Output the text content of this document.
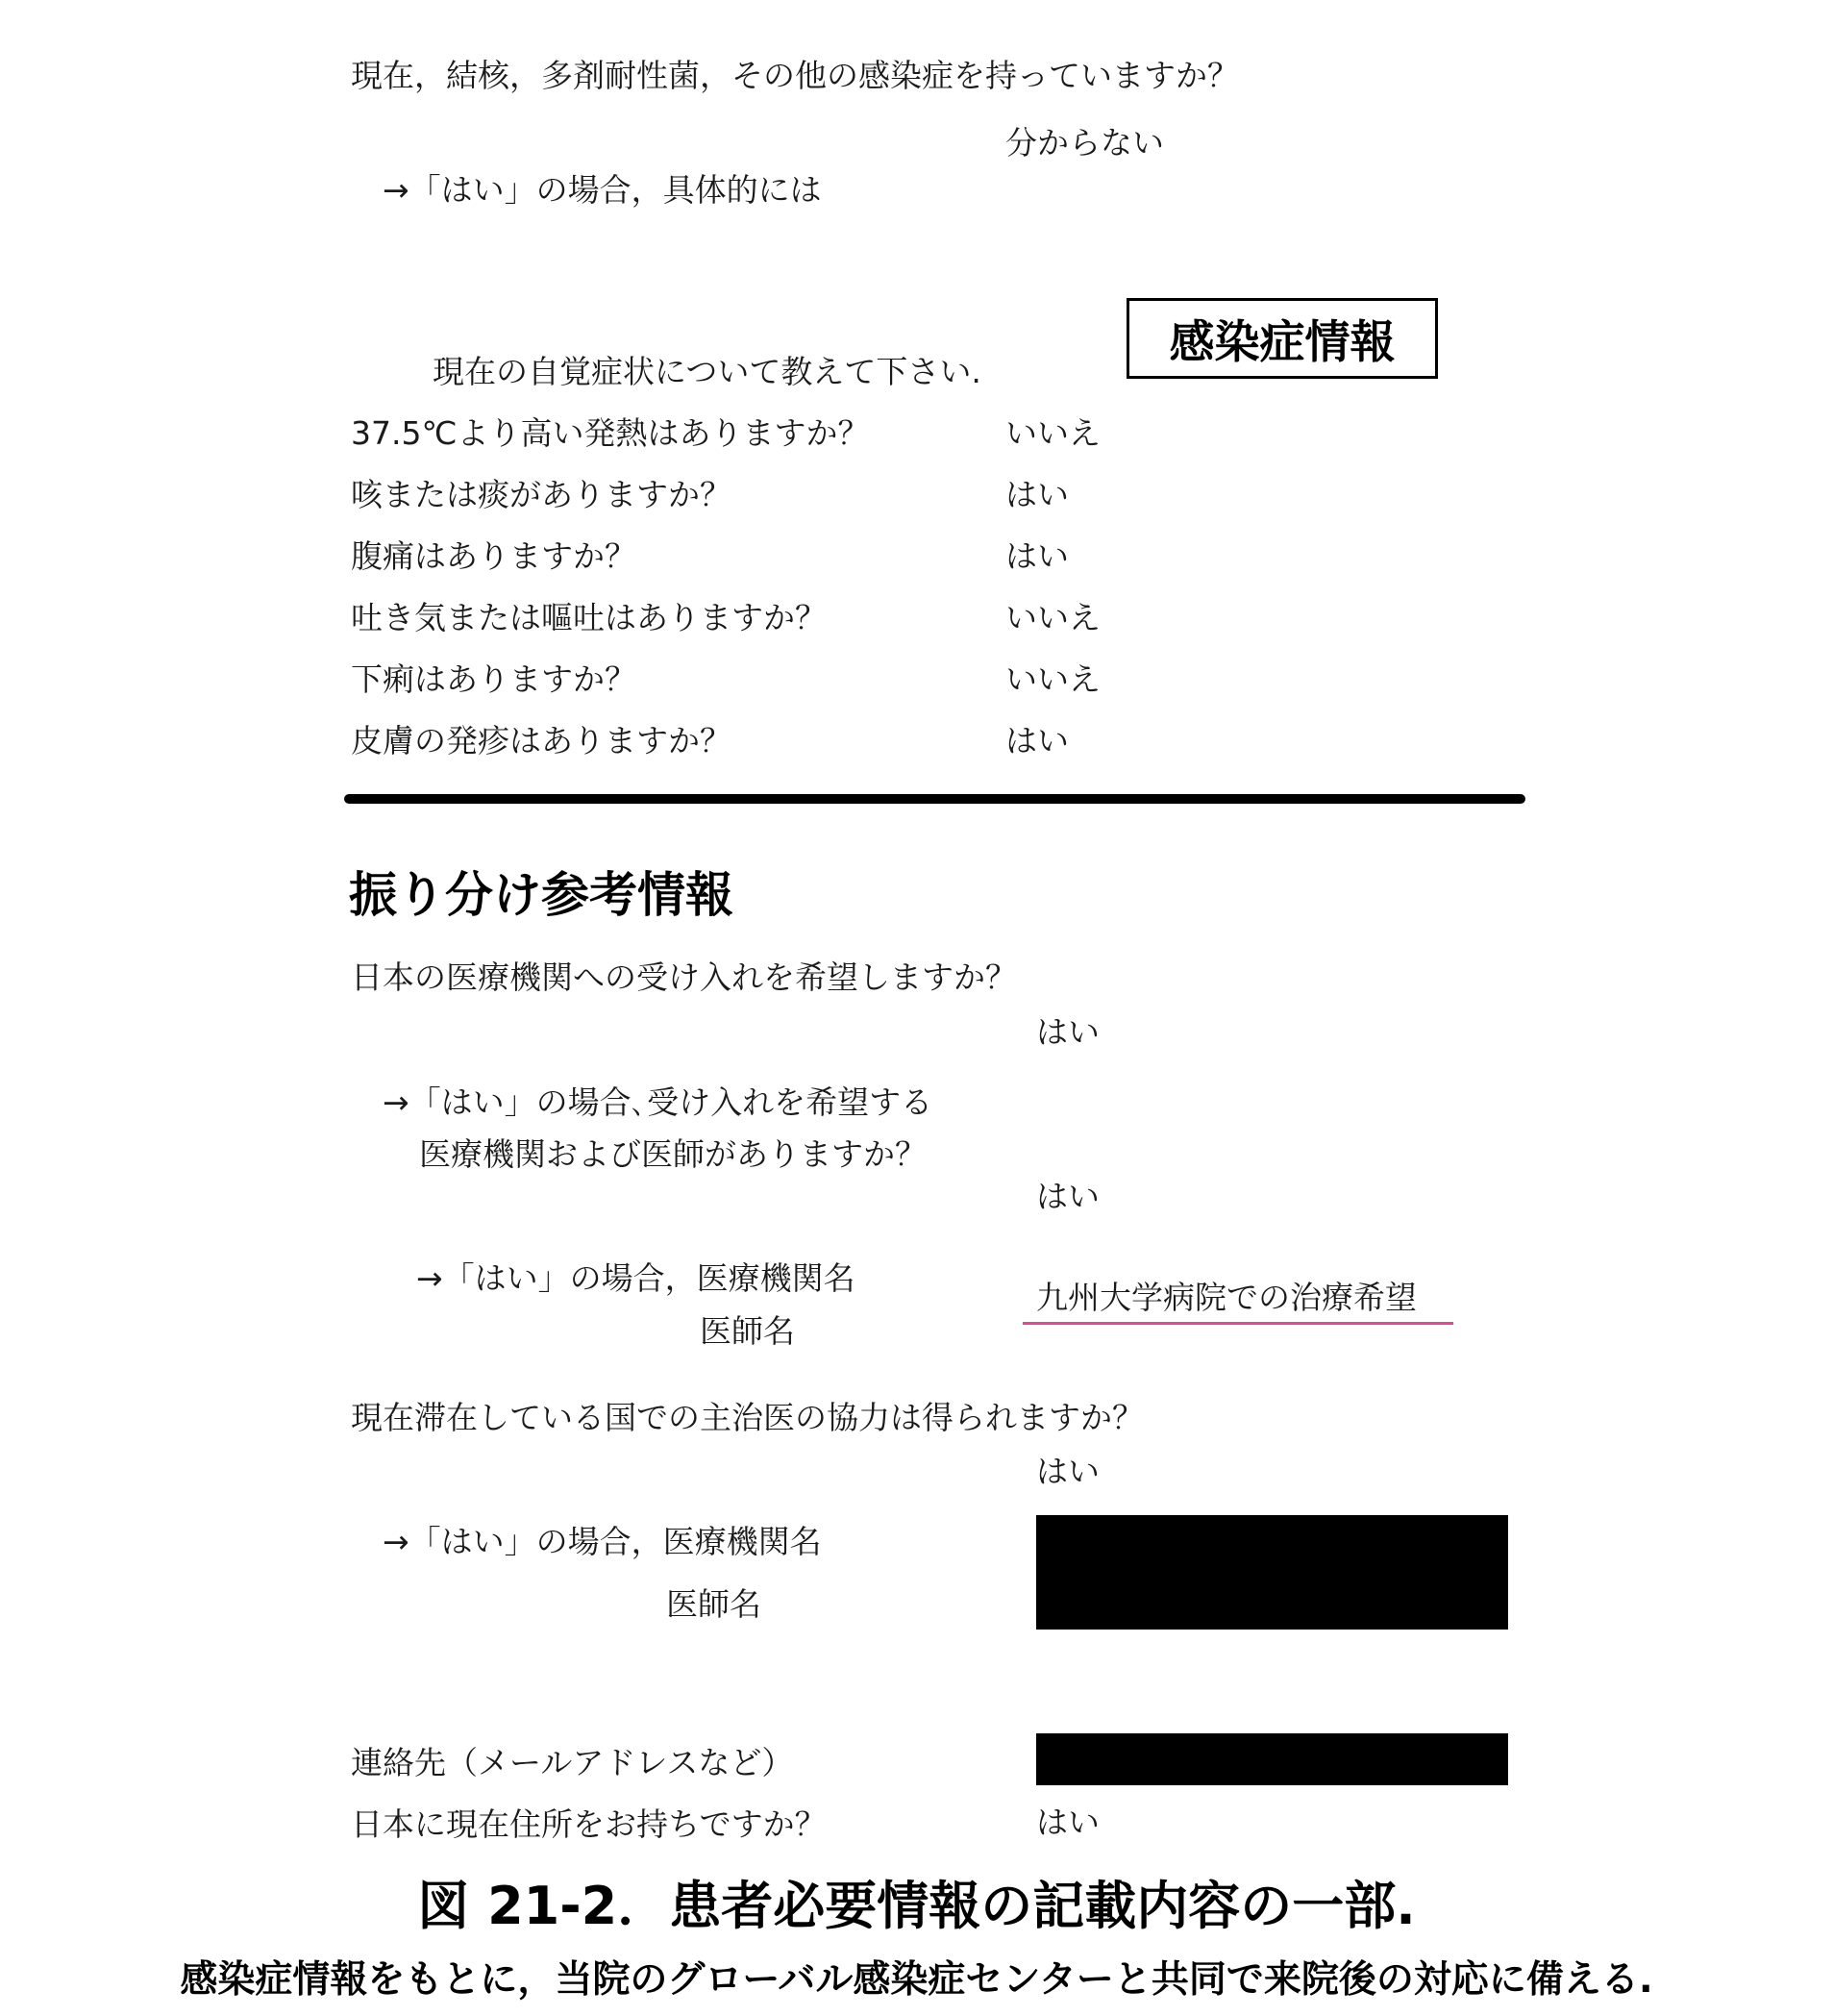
現在，結核，多剤耐性菌，その他の感染症を持っていますか？
分からない
→「はい」の場合，具体的には
感染症情報
現在の自覚症状について教えて下さい.
37.5℃より高い発熱はありますか？	いいえ
咳または痰がありますか？	はい
腹痛はありますか？	はい
吐き気または嘔吐はありますか？	いいえ
下痢はありますか？	いいえ
皮膚の発疹はありますか？	はい
振り分け参考情報
日本の医療機関への受け入れを希望しますか？
はい
→「はい」の場合､受け入れを希望する
医療機関および医師がありますか？
はい
→「はい」の場合，医療機関名
医師名
九州大学病院での治療希望
現在滞在している国での主治医の協力は得られますか？
はい
→「はい」の場合，医療機関名
医師名
連絡先（メールアドレスなど）
日本に現在住所をお持ちですか？	はい
図 21-2．患者必要情報の記載内容の一部.
感染症情報をもとに，当院のグローバル感染症センターと共同で来院後の対応に備える.
